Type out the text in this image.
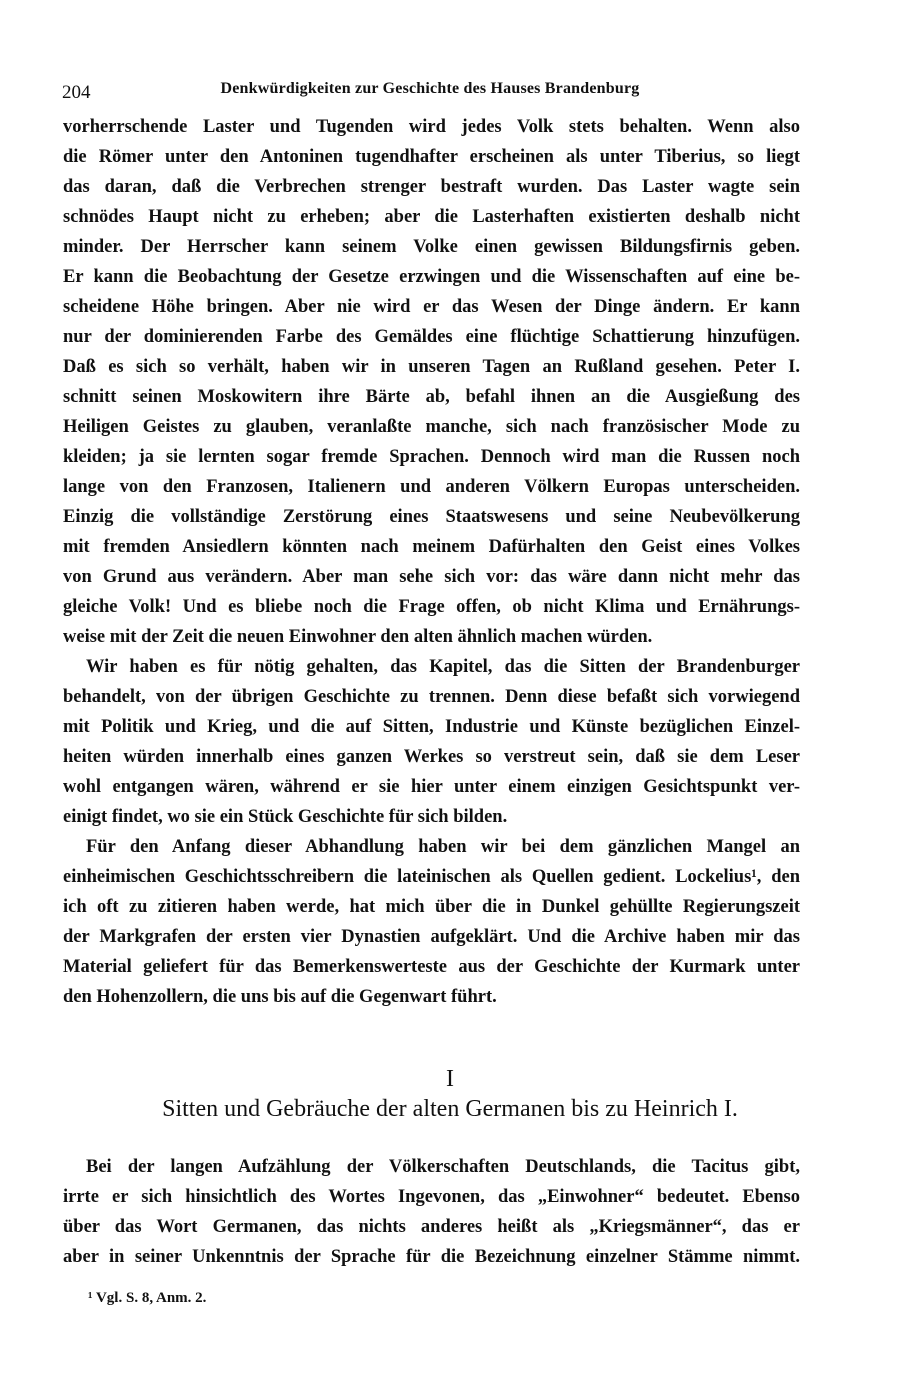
204	Denkwürdigkeiten zur Geschichte des Hauses Brandenburg
vorherrschende Laster und Tugenden wird jedes Volk stets behalten. Wenn also
die Römer unter den Antoninen tugendhafter erscheinen als unter Tiberius, so liegt
das daran, daß die Verbrechen strenger bestraft wurden. Das Laster wagte sein
schnödes Haupt nicht zu erheben; aber die Lasterhaften existierten deshalb nicht
minder. Der Herrscher kann seinem Volke einen gewissen Bildungsfirnis geben.
Er kann die Beobachtung der Gesetze erzwingen und die Wissenschaften auf eine be-
scheidene Höhe bringen. Aber nie wird er das Wesen der Dinge ändern. Er kann
nur der dominierenden Farbe des Gemäldes eine flüchtige Schattierung hinzufügen.
Daß es sich so verhält, haben wir in unseren Tagen an Rußland gesehen. Peter I.
schnitt seinen Moskowitern ihre Bärte ab, befahl ihnen an die Ausgießung des
Heiligen Geistes zu glauben, veranlaßte manche, sich nach französischer Mode zu
kleiden; ja sie lernten sogar fremde Sprachen. Dennoch wird man die Russen noch
lange von den Franzosen, Italienern und anderen Völkern Europas unterscheiden.
Einzig die vollständige Zerstörung eines Staatswesens und seine Neubevölkerung
mit fremden Ansiedlern könnten nach meinem Dafürhalten den Geist eines Volkes
von Grund aus verändern. Aber man sehe sich vor: das wäre dann nicht mehr das
gleiche Volk! Und es bliebe noch die Frage offen, ob nicht Klima und Ernährungs-
weise mit der Zeit die neuen Einwohner den alten ähnlich machen würden.
Wir haben es für nötig gehalten, das Kapitel, das die Sitten der Brandenburger
behandelt, von der übrigen Geschichte zu trennen. Denn diese befaßt sich vorwiegend
mit Politik und Krieg, und die auf Sitten, Industrie und Künste bezüglichen Einzel-
heiten würden innerhalb eines ganzen Werkes so verstreut sein, daß sie dem Leser
wohl entgangen wären, während er sie hier unter einem einzigen Gesichtspunkt ver-
einigt findet, wo sie ein Stück Geschichte für sich bilden.
Für den Anfang dieser Abhandlung haben wir bei dem gänzlichen Mangel an
einheimischen Geschichtsschreibern die lateinischen als Quellen gedient. Lockelius¹, den
ich oft zu zitieren haben werde, hat mich über die in Dunkel gehüllte Regierungszeit
der Markgrafen der ersten vier Dynastien aufgeklärt. Und die Archive haben mir das
Material geliefert für das Bemerkenswerteste aus der Geschichte der Kurmark unter
den Hohenzollern, die uns bis auf die Gegenwart führt.
I
Sitten und Gebräuche der alten Germanen bis zu Heinrich I.
Bei der langen Aufzählung der Völkerschaften Deutschlands, die Tacitus gibt,
irrte er sich hinsichtlich des Wortes Ingevonen, das „Einwohner“ bedeutet. Ebenso
über das Wort Germanen, das nichts anderes heißt als „Kriegsmänner“, das er
aber in seiner Unkenntnis der Sprache für die Bezeichnung einzelner Stämme nimmt.
¹ Vgl. S. 8, Anm. 2.
